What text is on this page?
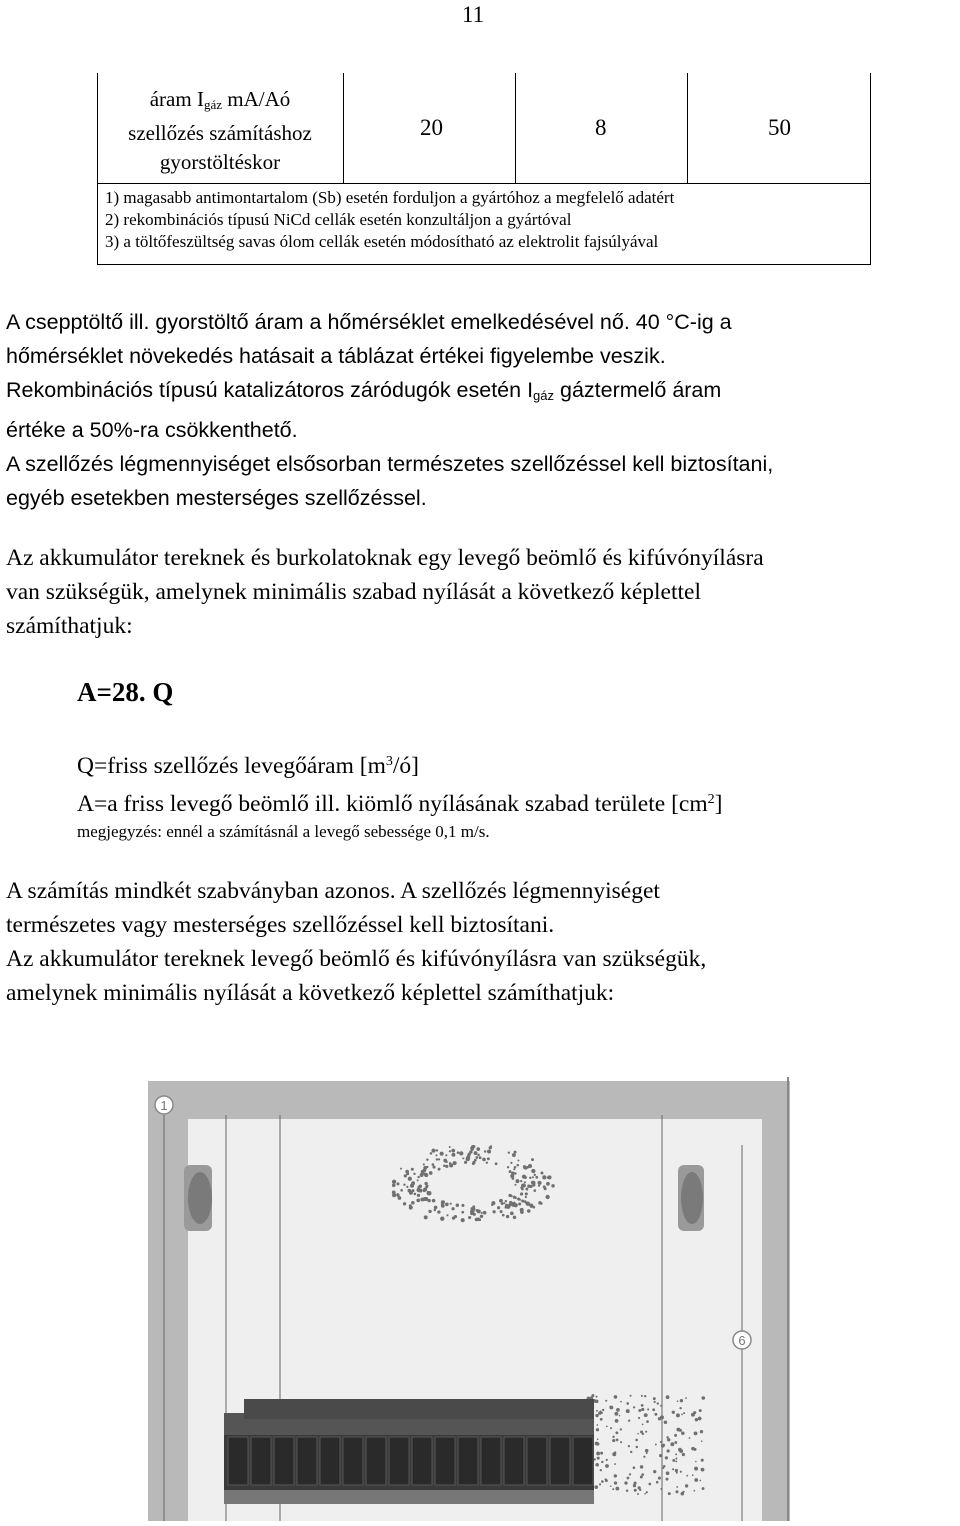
11
áram $I_{gáz}$ mA/Aó
szellőzés számításhoz
gyorstöltéskor
20	8	50
1) magasabb antimontartalom (Sb) esetén forduljon a gyártóhoz a megfelelő adatért
2) rekombinációs típusú NiCd cellák esetén konzultáljon a gyártóval
3) a töltőfeszültség savas ólom cellák esetén módosítható az elektrolit fajsúlyával

A csepptöltő ill. gyorstöltő áram a hőmérséklet emelkedésével nő. 40 °C-ig a

hőmérséklet növekedés hatásait a táblázat értékei figyelembe veszik.

Rekombinációs típusú katalizátoros záródugók esetén $I_{gáz}$ gáztermelő áram

értéke a 50%-ra csökkenthető.

A szellőzés légmennyiséget elsősorban természetes szellőzéssel kell biztosítani,

egyéb esetekben mesterséges szellőzéssel.

Az akkumulátor tereknek és burkolatoknak egy levegő beömlő és kifúvónyílásra

van szükségük, amelynek minimális szabad nyílását a következő képlettel

számíthatjuk:

A=28. Q
Q=friss szellőzés levegőáram $[m^3/ó]$
A=a friss levegő beömlő ill. kiömlő nyílásának szabad területe $[cm^2]$
megjegyzés: ennél a számításnál a levegő sebessége 0,1 m/s.

A számítás mindkét szabványban azonos. A szellőzés légmennyiséget

természetes vagy mesterséges szellőzéssel kell biztosítani.

Az akkumulátor tereknek levegő beömlő és kifúvónyílásra van szükségük,

amelynek minimális nyílását a következő képlettel számíthatjuk:

1
6
